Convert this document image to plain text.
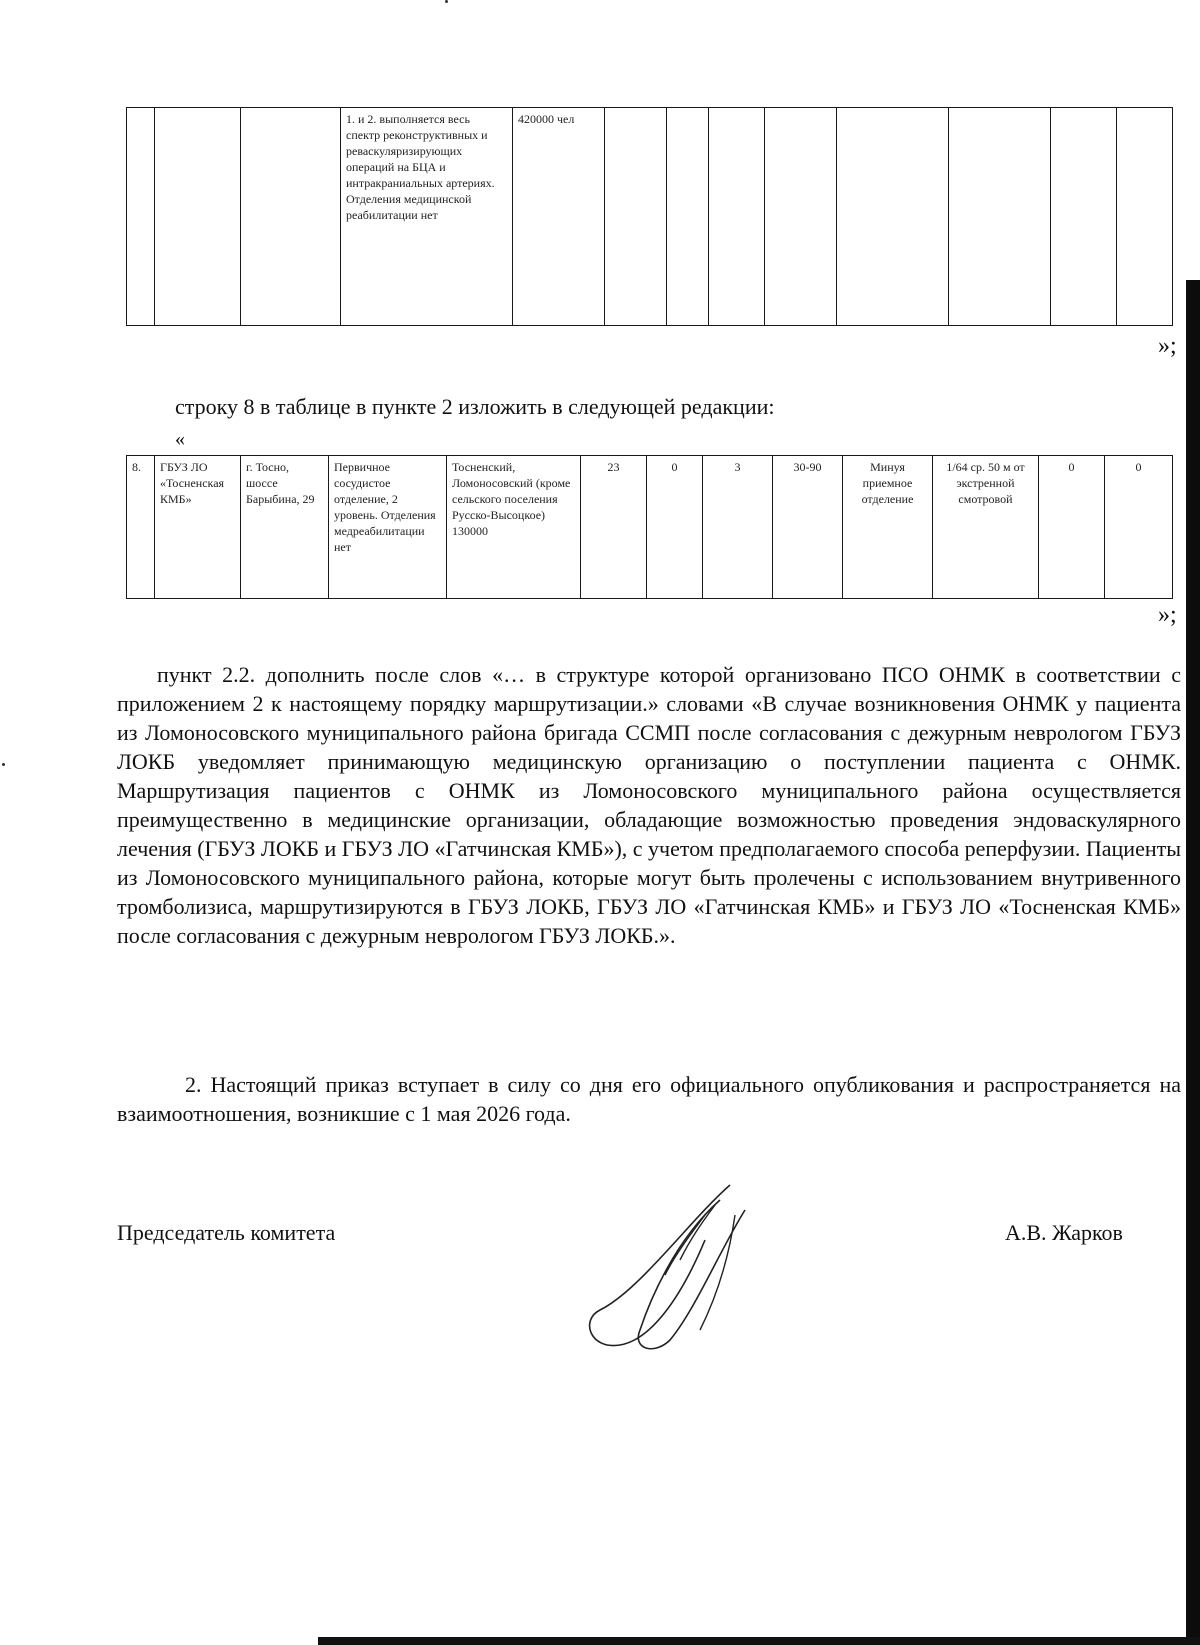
			1. и 2. выполняется весь спектр реконструктивных и реваскуляризирующих операций на БЦА и интракраниальных артериях. Отделения медицинской реабилитации нет	420000 чел								
»;
строку 8 в таблице в пункте 2 изложить в следующей редакции:
«
8.	ГБУЗ ЛО «Тосненская КМБ»	г. Тосно, шоссе Барыбина, 29	Первичное сосудистое отделение, 2 уровень. Отделения медреабилитации нет	Тосненский, Ломоносовский (кроме сельского поселения Русско-Высоцкое) 130000	23	0	3	30-90	Минуя приемное отделение	1/64 ср. 50 м от экстренной смотровой	0	0
»;
пункт 2.2. дополнить после слов «… в структуре которой организовано ПСО ОНМК в соответствии с приложением 2 к настоящему порядку маршрутизации.» словами «В случае возникновения ОНМК у пациента из Ломоносовского муниципального района бригада ССМП после согласования с дежурным неврологом ГБУЗ ЛОКБ уведомляет принимающую медицинскую организацию о поступлении пациента с ОНМК. Маршрутизация пациентов с ОНМК из Ломоносовского муниципального района осуществляется преимущественно в медицинские организации, обладающие возможностью проведения эндоваскулярного лечения (ГБУЗ ЛОКБ и ГБУЗ ЛО «Гатчинская КМБ»), с учетом предполагаемого способа реперфузии. Пациенты из Ломоносовского муниципального района, которые могут быть пролечены с использованием внутривенного тромболизиса, маршрутизируются в ГБУЗ ЛОКБ, ГБУЗ ЛО «Гатчинская КМБ» и ГБУЗ ЛО «Тосненская КМБ» после согласования с дежурным неврологом ГБУЗ ЛОКБ.».
2. Настоящий приказ вступает в силу со дня его официального опубликования и распространяется на взаимоотношения, возникшие с 1 мая 2026 года.
Председатель комитета	А.В. Жарков
